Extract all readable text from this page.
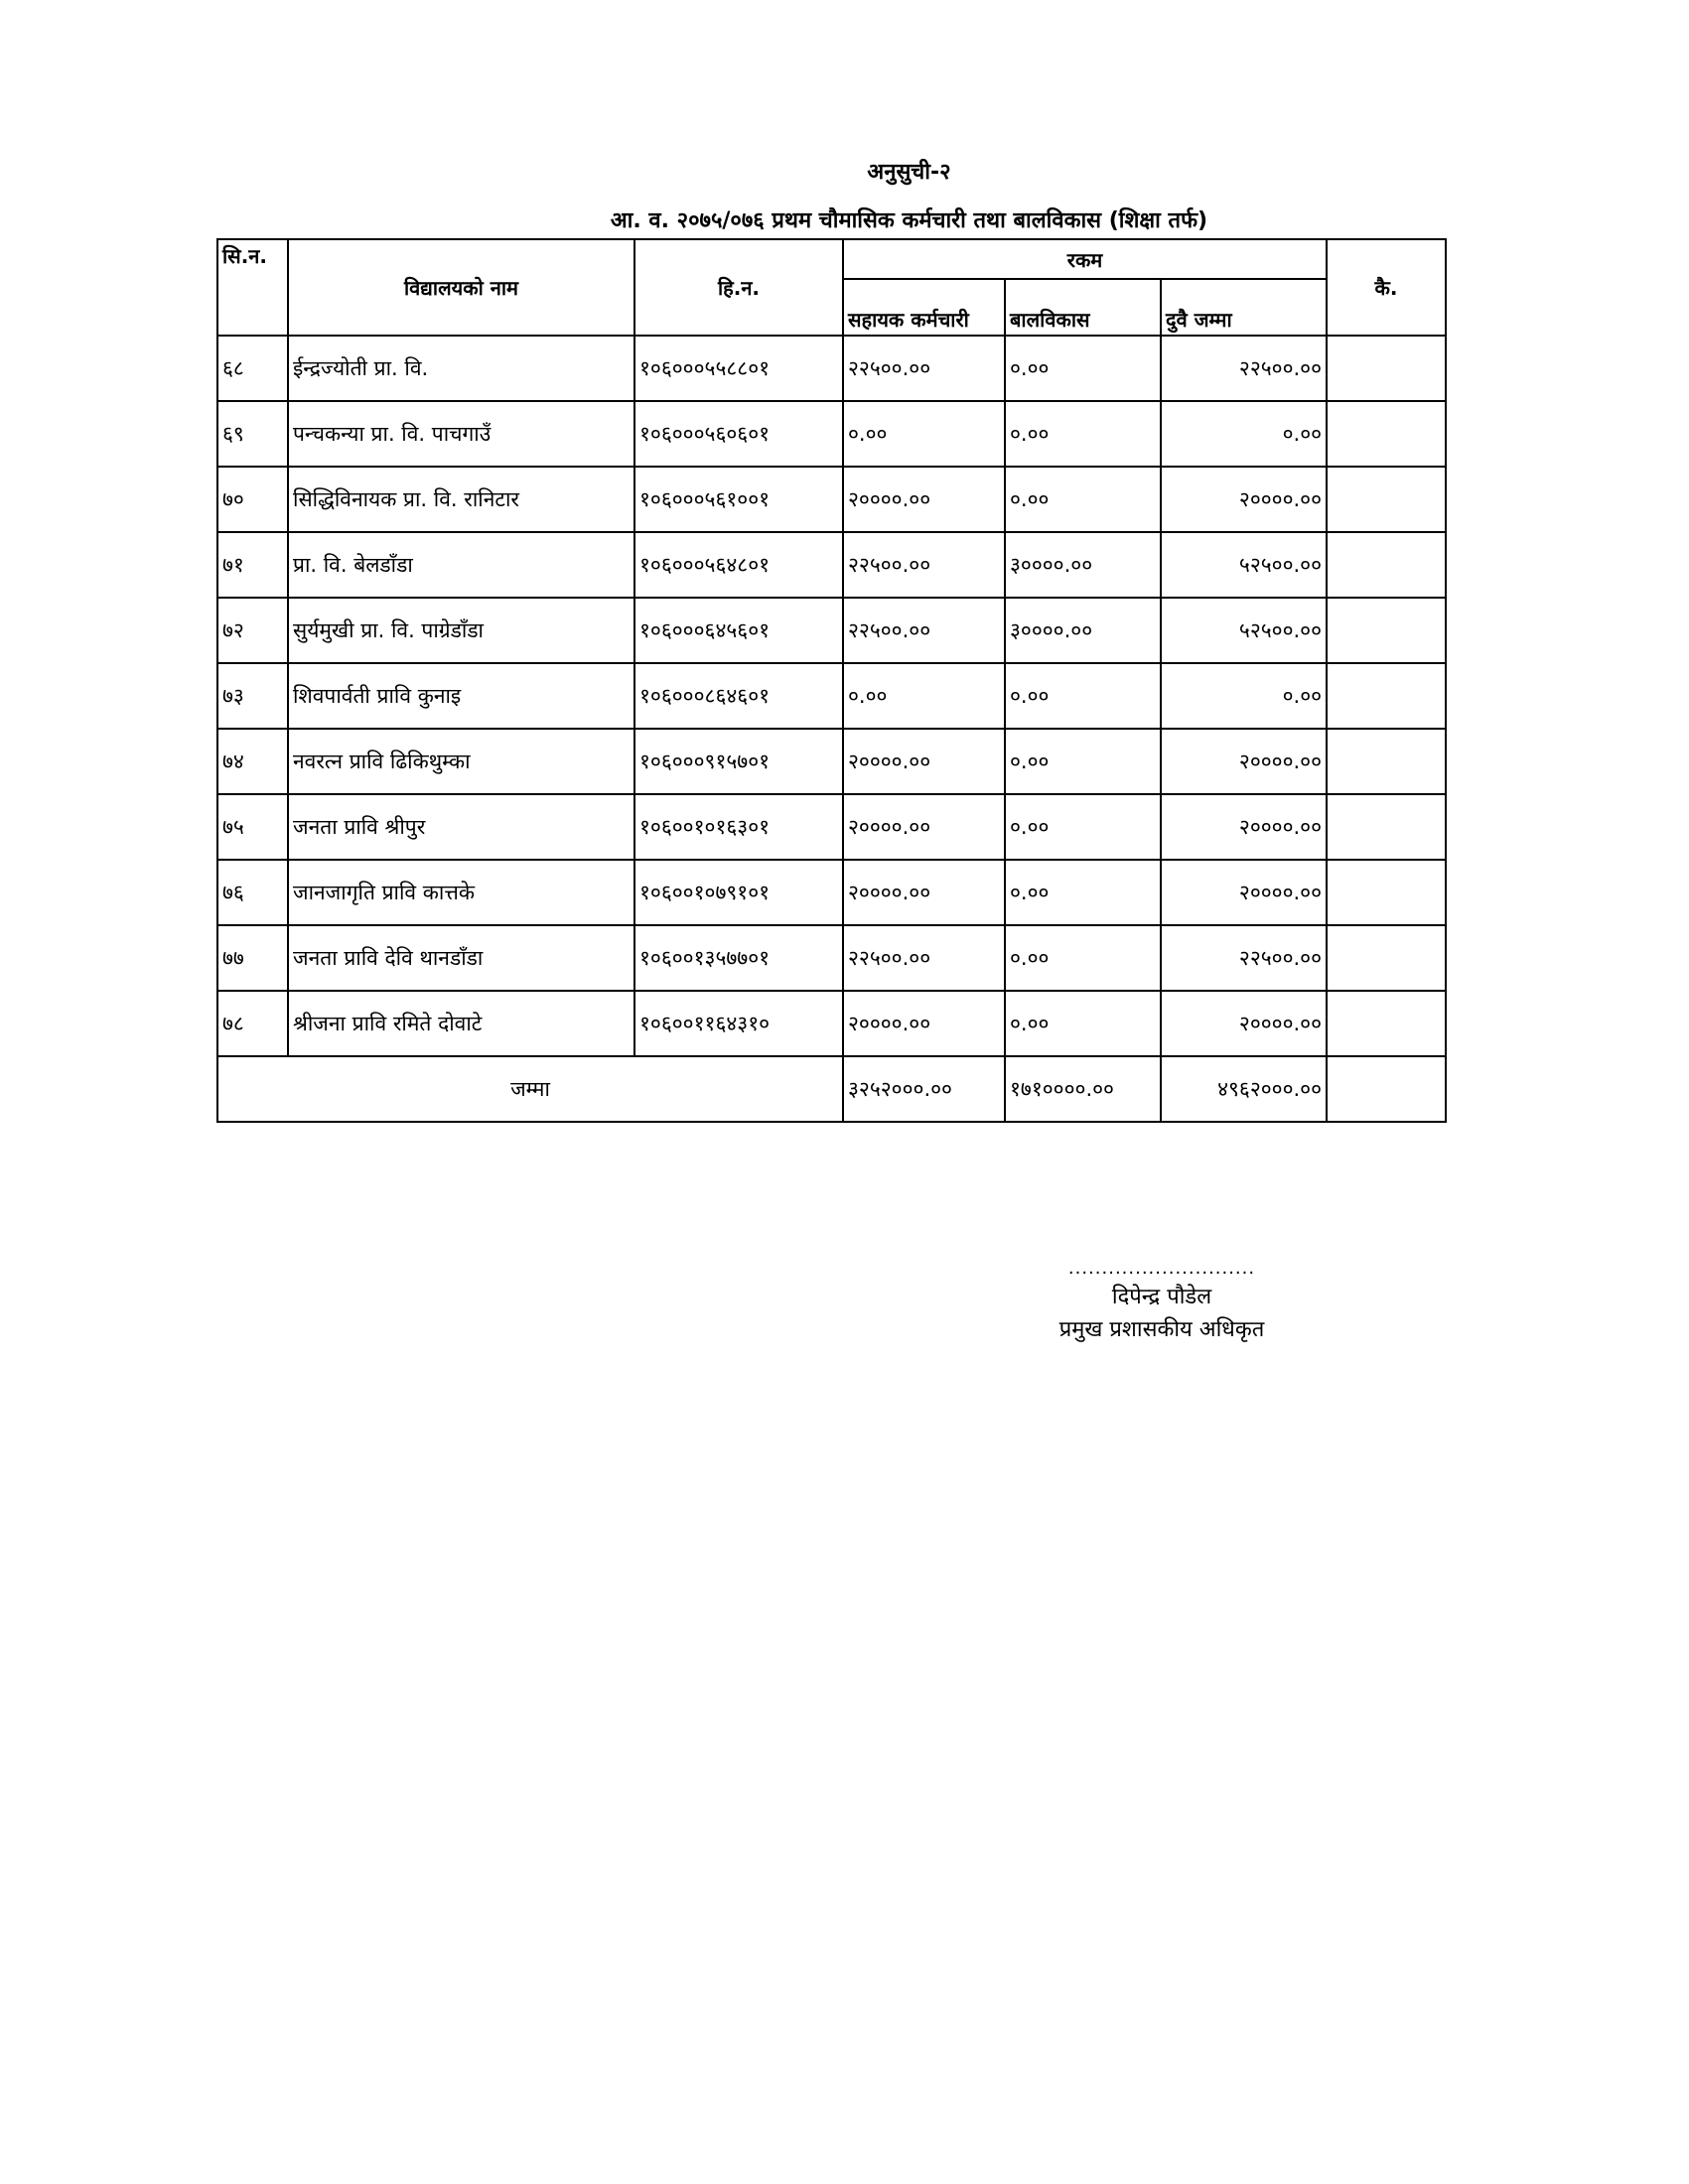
अनुसुची-२
आ. व. २०७५/०७६ प्रथम चौमासिक कर्मचारी तथा बालविकास (शिक्षा तर्फ)
सि.न.	विद्यालयको नाम	हि.न.	रकम			कै.
			सहायक कर्मचारी	बालविकास	दुवै जम्मा	
६८	ईन्द्रज्योती प्रा. वि.	१०६०००५५८८०१	२२५००.००	०.००	२२५००.००	
६९	पन्चकन्या प्रा. वि. पाचगाउँ	१०६०००५६०६०१	०.००	०.००	०.००	
७०	सिद्धिविनायक प्रा. वि. रानिटार	१०६०००५६१००१	२००००.००	०.००	२००००.००	
७१	प्रा. वि. बेलडाँडा	१०६०००५६४८०१	२२५००.००	३००००.००	५२५००.००	
७२	सुर्यमुखी प्रा. वि. पाग्रेडाँडा	१०६०००६४५६०१	२२५००.००	३००००.००	५२५००.००	
७३	शिवपार्वती प्रावि कुनाइ	१०६०००८६४६०१	०.००	०.००	०.००	
७४	नवरत्न प्रावि ढिकिथुम्का	१०६०००९१५७०१	२००००.००	०.००	२००००.००	
७५	जनता प्रावि श्रीपुर	१०६००१०१६३०१	२००००.००	०.००	२००००.००	
७६	जानजागृति प्रावि कात्तके	१०६००१०७९१०१	२००००.००	०.००	२००००.००	
७७	जनता प्रावि देवि थानडाँडा	१०६००१३५७७०१	२२५००.००	०.००	२२५००.००	
७८	श्रीजना प्रावि रमिते दोवाटे	१०६००११६४३१०	२००००.००	०.००	२००००.००	
जम्मा			३२५२०००.००	१७१००००.००	४९६२०००.००	
............................
दिपेन्द्र पौडेल
प्रमुख प्रशासकीय अधिकृत
